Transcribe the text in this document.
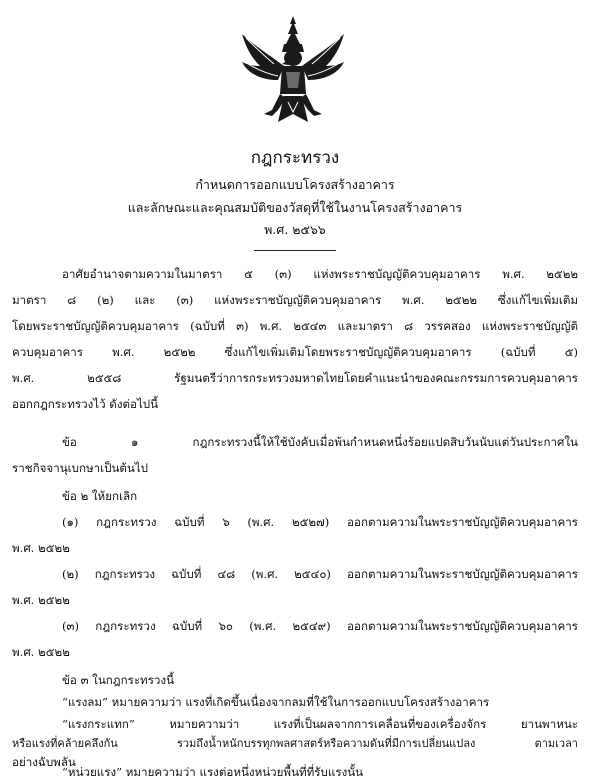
กฎกระทรวง
กำหนดการออกแบบโครงสร้างอาคาร
และลักษณะและคุณสมบัติของวัสดุที่ใช้ในงานโครงสร้างอาคาร
พ.ศ. ๒๕๖๖
อาศัยอำนาจตามความในมาตรา ๕ (๓) แห่งพระราชบัญญัติควบคุมอาคาร พ.ศ. ๒๕๒๒
มาตรา ๘ (๒) และ (๓) แห่งพระราชบัญญัติควบคุมอาคาร พ.ศ. ๒๕๒๒ ซึ่งแก้ไขเพิ่มเติม
โดยพระราชบัญญัติควบคุมอาคาร (ฉบับที่ ๓) พ.ศ. ๒๕๔๓ และมาตรา ๘ วรรคสอง แห่งพระราชบัญญัติ
ควบคุมอาคาร พ.ศ. ๒๕๒๒ ซึ่งแก้ไขเพิ่มเติมโดยพระราชบัญญัติควบคุมอาคาร (ฉบับที่ ๕)
พ.ศ. ๒๕๕๘ รัฐมนตรีว่าการกระทรวงมหาดไทยโดยคำแนะนำของคณะกรรมการควบคุมอาคาร
ออกกฎกระทรวงไว้ ดังต่อไปนี้
ข้อ ๑ กฎกระทรวงนี้ให้ใช้บังคับเมื่อพ้นกำหนดหนึ่งร้อยแปดสิบวันนับแต่วันประกาศใน
ราชกิจจานุเบกษาเป็นต้นไป
ข้อ ๒ ให้ยกเลิก
(๑) กฎกระทรวง ฉบับที่ ๖ (พ.ศ. ๒๕๒๗) ออกตามความในพระราชบัญญัติควบคุมอาคาร
พ.ศ. ๒๕๒๒
(๒) กฎกระทรวง ฉบับที่ ๔๘ (พ.ศ. ๒๕๔๐) ออกตามความในพระราชบัญญัติควบคุมอาคาร
พ.ศ. ๒๕๒๒
(๓) กฎกระทรวง ฉบับที่ ๖๐ (พ.ศ. ๒๕๔๙) ออกตามความในพระราชบัญญัติควบคุมอาคาร
พ.ศ. ๒๕๒๒
ข้อ ๓ ในกฎกระทรวงนี้
“แรงลม” หมายความว่า แรงที่เกิดขึ้นเนื่องจากลมที่ใช้ในการออกแบบโครงสร้างอาคาร
“แรงกระแทก” หมายความว่า แรงที่เป็นผลจากการเคลื่อนที่ของเครื่องจักร ยานพาหนะ
หรือแรงที่คล้ายคลึงกัน รวมถึงน้ำหนักบรรทุกพลศาสตร์หรือความดันที่มีการเปลี่ยนแปลง ตามเวลา
อย่างฉับพลัน
“หน่วยแรง” หมายความว่า แรงต่อหนึ่งหน่วยพื้นที่ที่รับแรงนั้น
